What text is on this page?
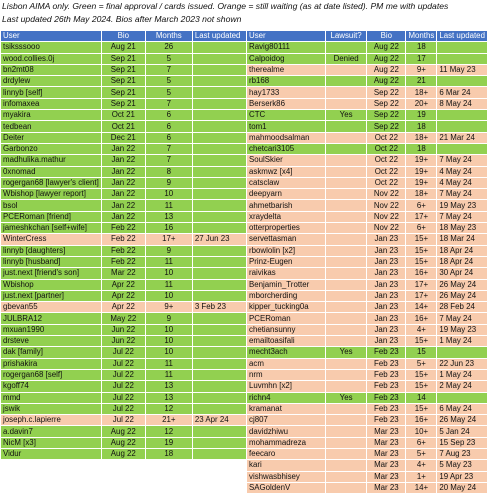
Lisbon AIMA only. Green = final approval / cards issued. Orange = still waiting (as at date listed). PM me with updates
Last updated 26th May 2024. Bios after March 2023 not shown
User	Bio	Months	Last updated
tsiksssooo	Aug 21	26	
wood.collies.0j	Sep 21	5	
bn2mt08	Sep 21	7	
drdylew	Sep 21	5	
linnyb [self]	Sep 21	5	
infomaxea	Sep 21	7	
myakira	Oct 21	6	
tedbean	Oct 21	6	
Deiter	Dec 21	6	
Garbonzo	Jan 22	7	
madhulika.mathur	Jan 22	7	
0xnomad	Jan 22	8	
rogergan68 [lawyer's client]	Jan 22	9	
Wbishop [lawyer report]	Jan 22	10	
bsol	Jan 22	11	
PCERoman [friend]	Jan 22	13	
jameshkchan [self+wife]	Feb 22	16	
WinterCress	Feb 22	17+	27 Jun 23
linnyb [daughters]	Feb 22	9	
linnyb [husband]	Feb 22	11	
just.next [friend's son]	Mar 22	10	
Wbishop	Apr 22	11	
just.next [partner]	Apr 22	10	
gbevan55	Apr 22	9+	3 Feb 23
JULBRA12	May 22	9	
mxuan1990	Jun 22	10	
drsteve	Jun 22	10	
dak [family]	Jul 22	10	
prishakira	Jul 22	11	
rogergan68 [self]	Jul 22	11	
kgoff74	Jul 22	13	
mmd	Jul 22	13	
jswik	Jul 22	12	
joseph.c.lapierre	Jul 22	21+	23 Apr 24
a.davin7	Aug 22	12	
NicM [x3]	Aug 22	19	
Vidur	Aug 22	18	
User	Lawsuit?	Bio	Months	Last updated
Ravig80111		Aug 22	18	
Calpoidog	Denied	Aug 22	17	
therealme		Aug 22	9+	11 May 23
rb168		Aug 22	21	
hay1733		Sep 22	18+	6 Mar 24
Berserk86		Sep 22	20+	8 May 24
CTC	Yes	Sep 22	19	
tom1		Sep 22	18	
mahmoodsalman		Oct 22	18+	21 Mar 24
chetcari3105		Oct 22	18	
SoulSkier		Oct 22	19+	7 May 24
askmwz [x4]		Oct 22	19+	4 May 24
catsclaw		Oct 22	19+	4 May 24
deepyarn		Nov 22	18+	7 May 24
ahmetbarish		Nov 22	6+	19 May 23
xraydelta		Nov 22	17+	7 May 24
otterproperties		Nov 22	6+	18 May 23
servettasman		Jan 23	15+	18 Mar 24
rbowlolin [x2]		Jan 23	15+	18 Apr 24
Prinz-Eugen		Jan 23	15+	18 Apr 24
raivikas		Jan 23	16+	30 Apr 24
Benjamin_Trotter		Jan 23	17+	26 May 24
mborcherding		Jan 23	17+	26 May 24
kipper_tucking0a		Jan 23	14+	28 Feb 24
PCERoman		Jan 23	16+	7 May 24
chetiansunny		Jan 23	4+	19 May 23
emailtoasifali		Jan 23	15+	1 May 24
mecht3ach	Yes	Feb 23	15	
acm		Feb 23	5+	22 Jun 23
nrm		Feb 23	15+	1 May 24
Luvmhn [x2]		Feb 23	15+	2 May 24
richn4	Yes	Feb 23	14	
kramanat		Feb 23	15+	6 May 24
cj807		Feb 23	16+	26 May 24
davidzhiwu		Mar 23	10+	5 Jan 24
mohammadreza		Mar 23	6+	15 Sep 23
feecaro		Mar 23	5+	7 Aug 23
kari		Mar 23	4+	5 May 23
vishwasbhisey		Mar 23	1+	19 Apr 23
SAGoldenV		Mar 23	14+	20 May 24
